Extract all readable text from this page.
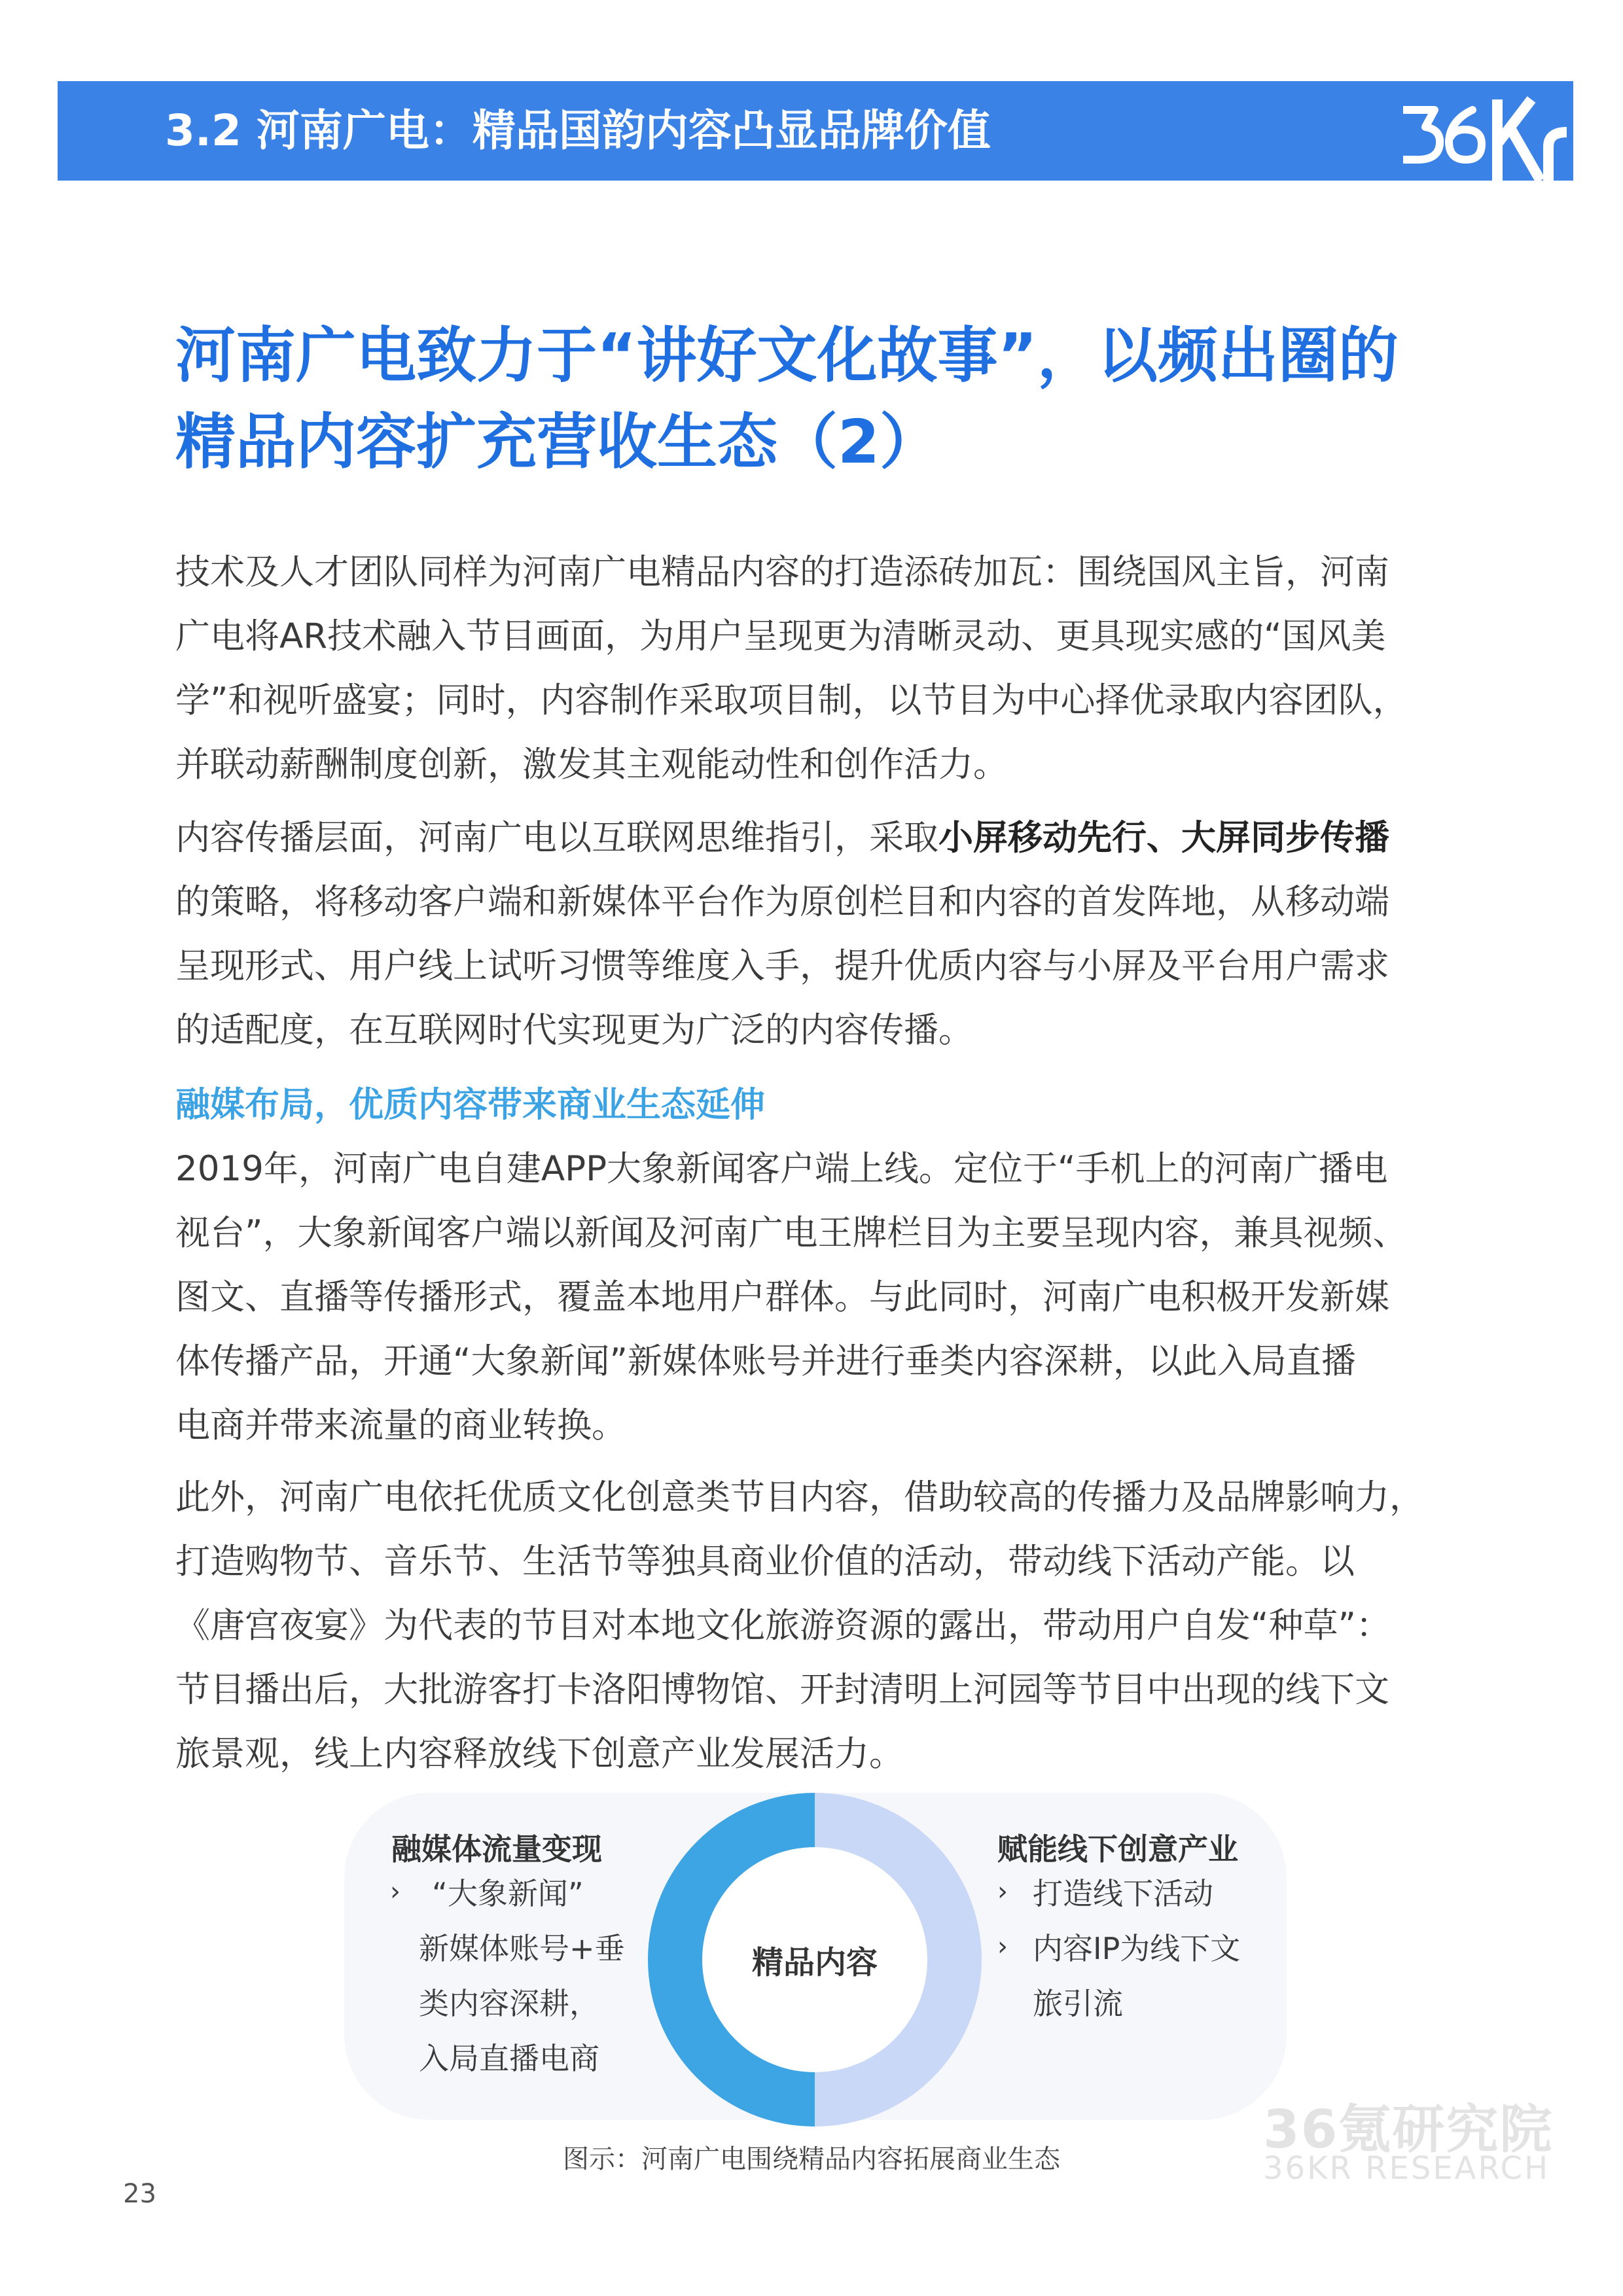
3.2 河南广电：精品国韵内容凸显品牌价值
河南广电致力于“讲好文化故事”，以频出圈的
精品内容扩充营收生态（2）
技术及人才团队同样为河南广电精品内容的打造添砖加瓦：围绕国风主旨，河南
广电将AR技术融入节目画面，为用户呈现更为清晰灵动、更具现实感的“国风美
学”和视听盛宴；同时，内容制作采取项目制，以节目为中心择优录取内容团队，
并联动薪酬制度创新，激发其主观能动性和创作活力。
内容传播层面，河南广电以互联网思维指引，采取小屏移动先行、大屏同步传播
的策略，将移动客户端和新媒体平台作为原创栏目和内容的首发阵地，从移动端
呈现形式、用户线上试听习惯等维度入手，提升优质内容与小屏及平台用户需求
的适配度，在互联网时代实现更为广泛的内容传播。
融媒布局，优质内容带来商业生态延伸
2019年，河南广电自建APP大象新闻客户端上线。定位于“手机上的河南广播电
视台”，大象新闻客户端以新闻及河南广电王牌栏目为主要呈现内容，兼具视频、
图文、直播等传播形式，覆盖本地用户群体。与此同时，河南广电积极开发新媒
体传播产品，开通“大象新闻”新媒体账号并进行垂类内容深耕，以此入局直播
电商并带来流量的商业转换。
此外，河南广电依托优质文化创意类节目内容，借助较高的传播力及品牌影响力，
打造购物节、音乐节、生活节等独具商业价值的活动，带动线下活动产能。以
《唐宫夜宴》为代表的节目对本地文化旅游资源的露出，带动用户自发“种草”：
节目播出后，大批游客打卡洛阳博物馆、开封清明上河园等节目中出现的线下文
旅景观，线上内容释放线下创意产业发展活力。
精品内容
融媒体流量变现
› “大象新闻”
新媒体账号+垂
类内容深耕，
入局直播电商
赋能线下创意产业
› 打造线下活动
› 内容IP为线下文
旅引流
36氪研究院
36KR RESEARCH
图示：河南广电围绕精品内容拓展商业生态
23
